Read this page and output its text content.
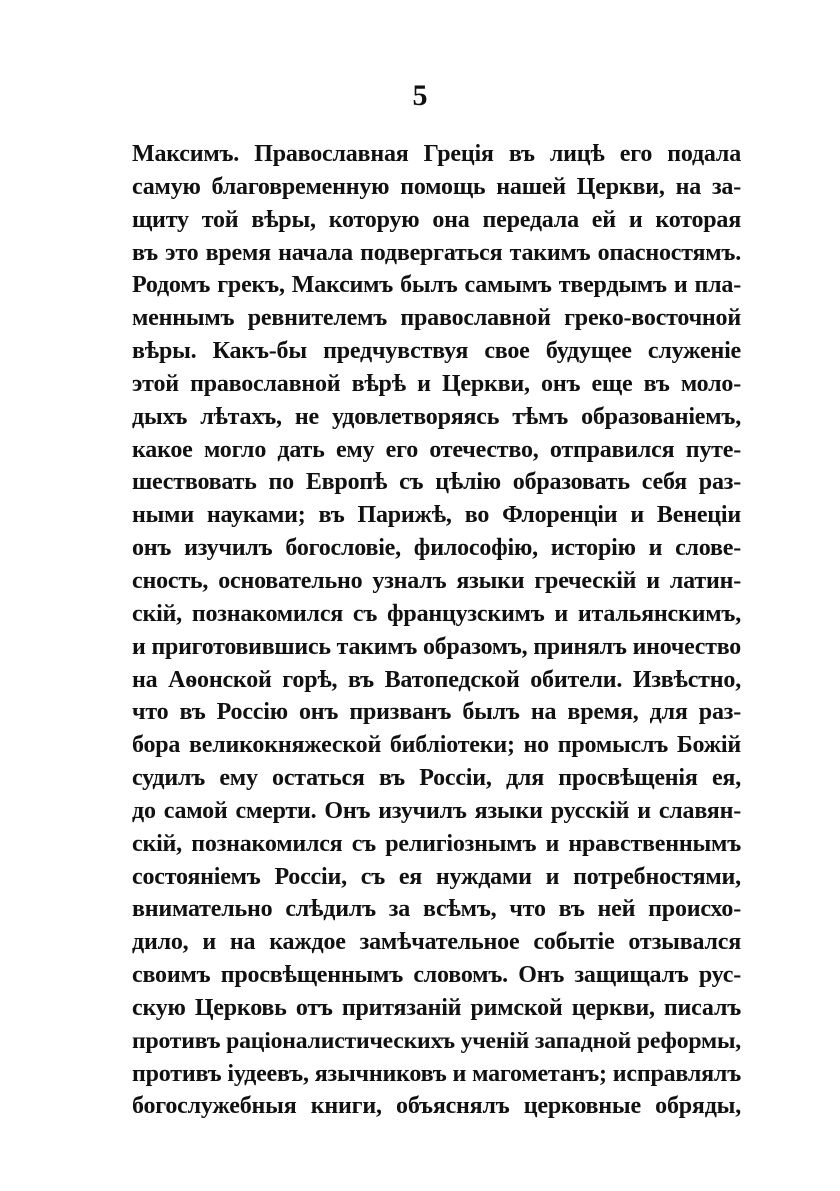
5
Максимъ. Православная Грецiя въ лицѣ его подала
самую благовременную помощь нашей Церкви, на за-
щиту той вѣры, которую она передала ей и которая
въ это время начала подвергаться такимъ опасностямъ.
Родомъ грекъ, Максимъ былъ самымъ твердымъ и пла-
меннымъ ревнителемъ православной греко-восточной
вѣры. Какъ-бы предчувствуя свое будущее служенiе
этой православной вѣрѣ и Церкви, онъ еще въ моло-
дыхъ лѣтахъ, не удовлетворяясь тѣмъ образованiемъ,
какое могло дать ему его отечество, отправился путе-
шествовать по Европѣ съ цѣлiю образовать себя раз-
ными науками; въ Парижѣ, во Флоренцiи и Венецiи
онъ изучилъ богословiе, философiю, исторiю и слове-
сность, основательно узналъ языки греческiй и латин-
скiй, познакомился съ французскимъ и итальянскимъ,
и приготовившись такимъ образомъ, принялъ иночество
на Аѳонской горѣ, въ Ватопедской обители. Извѣстно,
что въ Россiю онъ призванъ былъ на время, для раз-
бора великокняжеской библiотеки; но промыслъ Божiй
судилъ ему остаться въ Россiи, для просвѣщенiя ея,
до самой смерти. Онъ изучилъ языки русскiй и славян-
скiй, познакомился съ религiознымъ и нравственнымъ
состоянiемъ Россiи, съ ея нуждами и потребностями,
внимательно слѣдилъ за всѣмъ, что въ ней происхо-
дило, и на каждое замѣчательное событiе отзывался
своимъ просвѣщеннымъ словомъ. Онъ защищалъ рус-
скую Церковь отъ притязанiй римской церкви, писалъ
противъ рацiоналистическихъ ученiй западной реформы,
противъ iудеевъ, язычниковъ и магометанъ; исправлялъ
богослужебныя книги, объяснялъ церковные обряды,
